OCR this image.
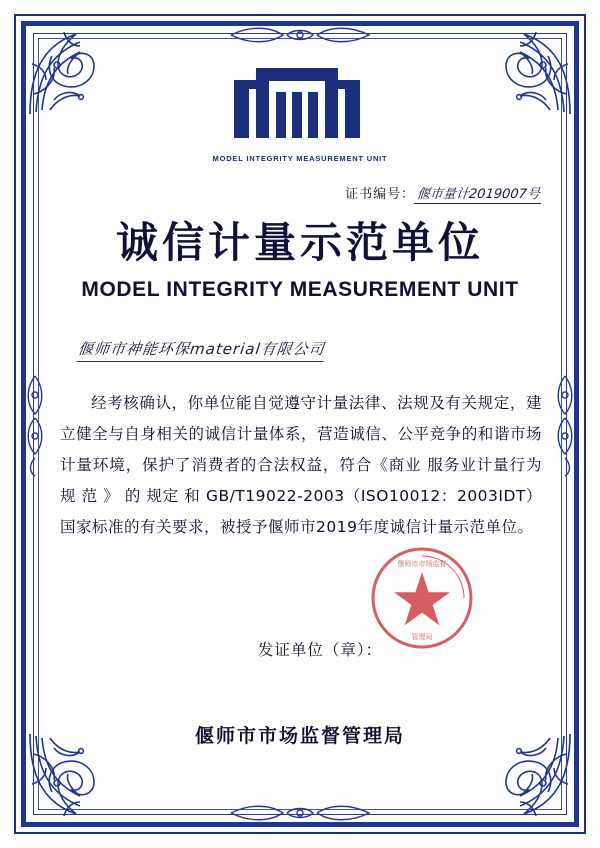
MODEL INTEGRITY MEASUREMENT UNIT
证书编号：偃市量计2019007号
诚信计量示范单位
MODEL INTEGRITY MEASUREMENT UNIT
偃师市神能环保material有限公司
经考核确认，你单位能自觉遵守计量法律、法规及有关规定，建立健全与自身相关的诚信计量体系，营造诚信、公平竞争的和谐市场计量环境，保护了消费者的合法权益，符合《商业 服务业计量行为 规 范 》 的 规定 和 GB/T19022-2003（ISO10012：2003IDT）国家标准的有关要求，被授予偃师市2019年度诚信计量示范单位。
发证单位（章）：
偃师市市场监督管理局
偃师市市场监督
管理局
